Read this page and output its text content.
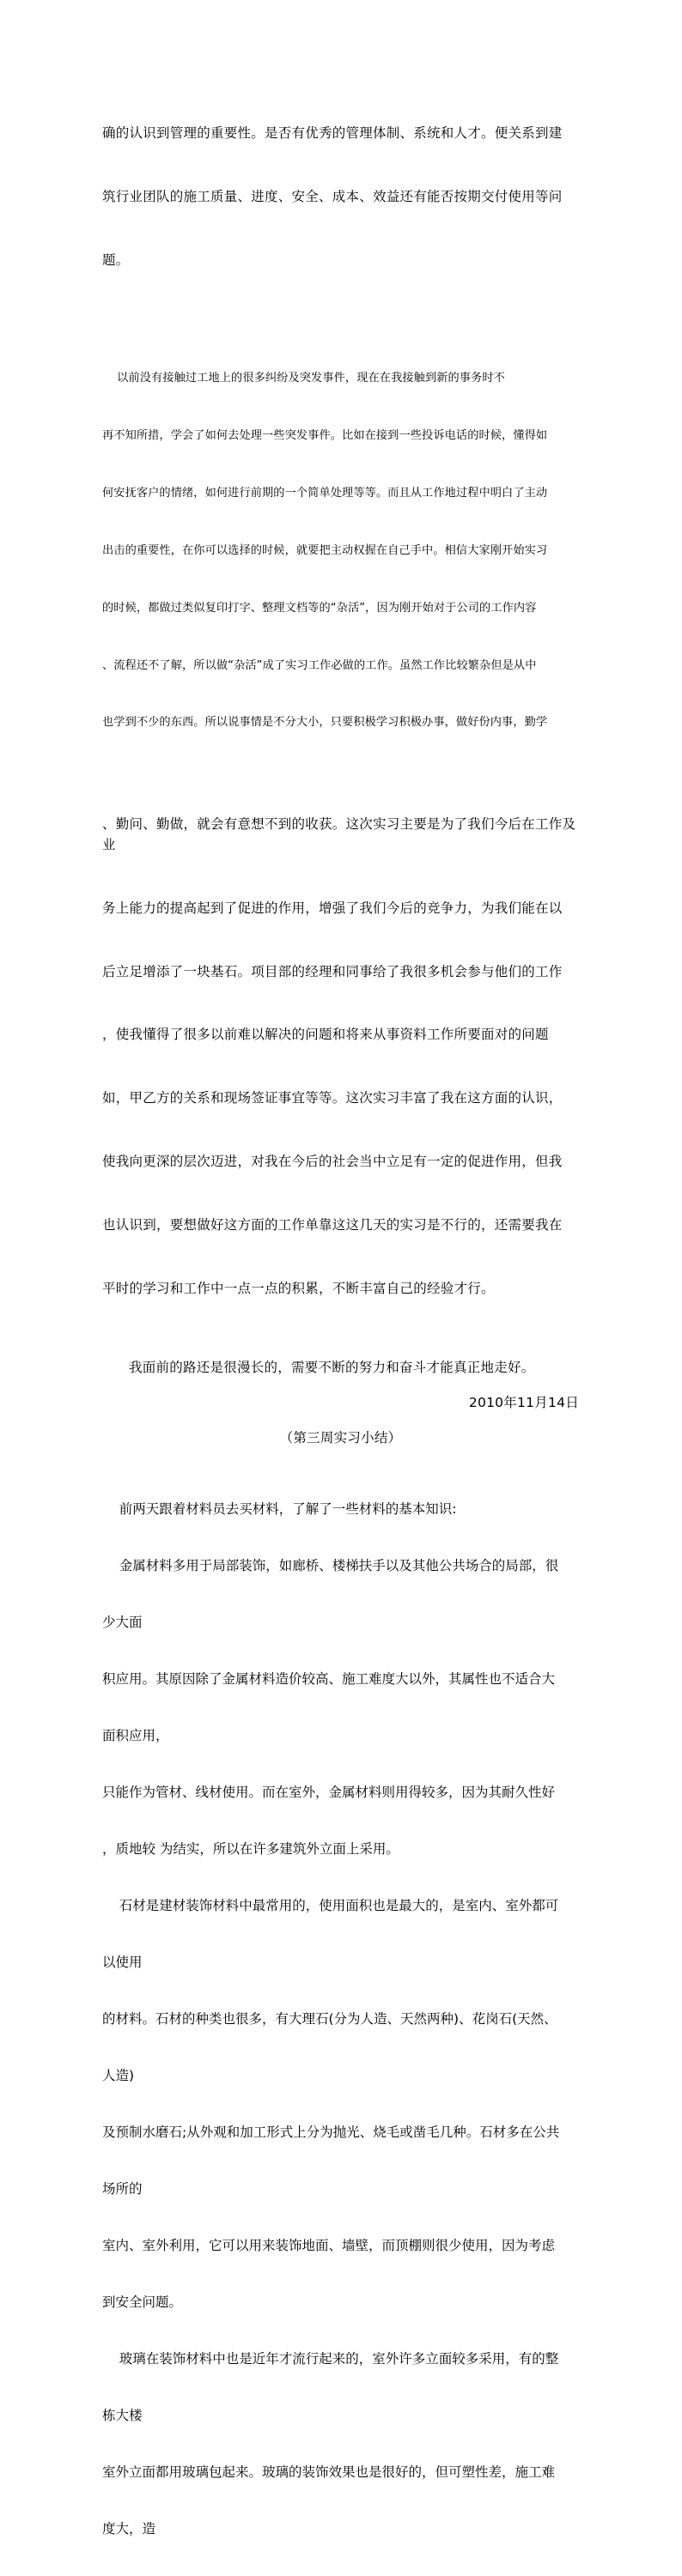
确的认识到管理的重要性。是否有优秀的管理体制、系统和人才。便关系到建

筑行业团队的施工质量、进度、安全、成本、效益还有能否按期交付使用等问

题。

以前没有接触过工地上的很多纠纷及突发事件，现在在我接触到新的事务时不

再不知所措，学会了如何去处理一些突发事件。比如在接到一些投诉电话的时候，懂得如

何安抚客户的情绪，如何进行前期的一个简单处理等等。而且从工作地过程中明白了主动

出击的重要性，在你可以选择的时候，就要把主动权握在自己手中。相信大家刚开始实习

的时候，都做过类似复印打字、整理文档等的“杂活”，因为刚开始对于公司的工作内容

、流程还不了解，所以做“杂活”成了实习工作必做的工作。虽然工作比较繁杂但是从中

也学到不少的东西。所以说事情是不分大小，只要积极学习积极办事，做好份内事，勤学

、勤问、勤做，就会有意想不到的收获。这次实习主要是为了我们今后在工作及业

务上能力的提高起到了促进的作用，增强了我们今后的竞争力，为我们能在以

后立足增添了一块基石。项目部的经理和同事给了我很多机会参与他们的工作

，使我懂得了很多以前难以解决的问题和将来从事资料工作所要面对的问题

如，甲乙方的关系和现场签证事宜等等。这次实习丰富了我在这方面的认识，

使我向更深的层次迈进，对我在今后的社会当中立足有一定的促进作用，但我

也认识到，要想做好这方面的工作单靠这这几天的实习是不行的，还需要我在

平时的学习和工作中一点一点的积累，不断丰富自己的经验才行。

我面前的路还是很漫长的，需要不断的努力和奋斗才能真正地走好。
2010年11月14日
（第三周实习小结）

前两天跟着材料员去买材料，了解了一些材料的基本知识:

金属材料多用于局部装饰，如廊桥、楼梯扶手以及其他公共场合的局部，很

少大面

积应用。其原因除了金属材料造价较高、施工难度大以外，其属性也不适合大

面积应用，

只能作为管材、线材使用。而在室外，金属材料则用得较多，因为其耐久性好

，质地较 为结实，所以在许多建筑外立面上采用。

石材是建材装饰材料中最常用的，使用面积也是最大的，是室内、室外都可

以使用

的材料。石材的种类也很多，有大理石(分为人造、天然两种)、花岗石(天然、

人造)

及预制水磨石;从外观和加工形式上分为抛光、烧毛或凿毛几种。石材多在公共

场所的

室内、室外利用，它可以用来装饰地面、墙壁，而顶棚则很少使用，因为考虑

到安全问题。

玻璃在装饰材料中也是近年才流行起来的，室外许多立面较多采用，有的整

栋大楼

室外立面都用玻璃包起来。玻璃的装饰效果也是很好的，但可塑性差，施工难

度大，造
